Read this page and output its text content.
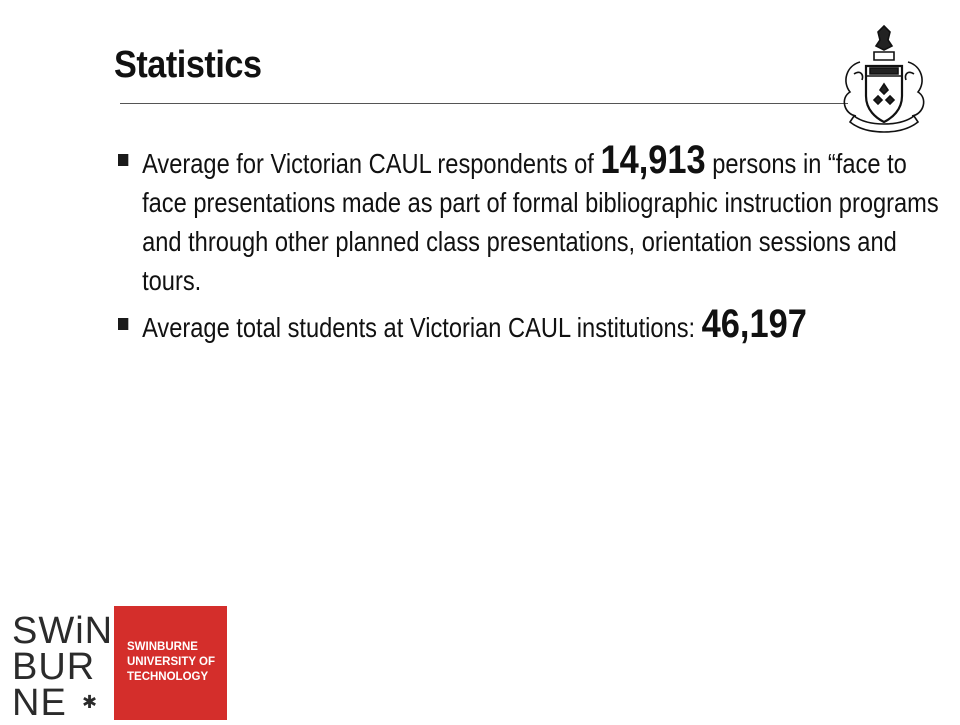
Statistics
Average for Victorian CAUL respondents of 14,913 persons in “face to face presentations made as part of formal bibliographic instruction programs and through other planned class presentations, orientation sessions and tours.
Average total students at Victorian CAUL institutions: 46,197
SWiN
BUR
NE ✱
SWINBURNE
UNIVERSITY OF
TECHNOLOGY
